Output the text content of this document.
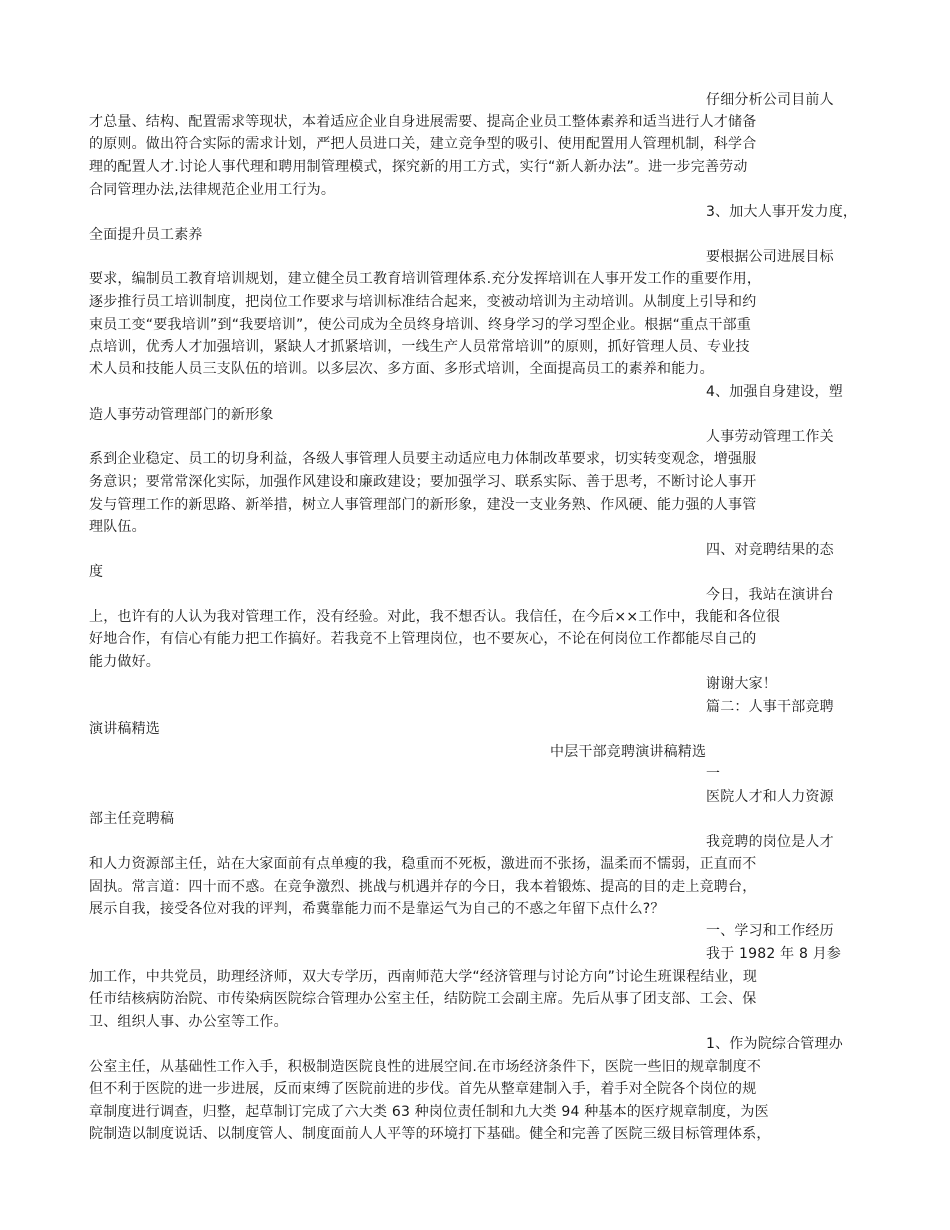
仔细分析公司目前人
才总量、结构、配置需求等现状，本着适应企业自身进展需要、提高企业员工整体素养和适当进行人才储备
的原则。做出符合实际的需求计划，严把人员进口关，建立竞争型的吸引、使用配置用人管理机制，科学合
理的配置人才.讨论人事代理和聘用制管理模式，探究新的用工方式，实行“新人新办法”。进一步完善劳动
合同管理办法,法律规范企业用工行为。
3、加大人事开发力度，
全面提升员工素养
要根据公司进展目标
要求，编制员工教育培训规划，建立健全员工教育培训管理体系.充分发挥培训在人事开发工作的重要作用，
逐步推行员工培训制度，把岗位工作要求与培训标准结合起来，变被动培训为主动培训。从制度上引导和约
束员工变“要我培训”到“我要培训”，使公司成为全员终身培训、终身学习的学习型企业。根据“重点干部重
点培训，优秀人才加强培训，紧缺人才抓紧培训，一线生产人员常常培训”的原则，抓好管理人员、专业技
术人员和技能人员三支队伍的培训。以多层次、多方面、多形式培训，全面提高员工的素养和能力。
4、加强自身建设，塑
造人事劳动管理部门的新形象
人事劳动管理工作关
系到企业稳定、员工的切身利益，各级人事管理人员要主动适应电力体制改革要求，切实转变观念，增强服
务意识；要常常深化实际，加强作风建设和廉政建设；要加强学习、联系实际、善于思考，不断讨论人事开
发与管理工作的新思路、新举措，树立人事管理部门的新形象，建没一支业务熟、作风硬、能力强的人事管
理队伍。
四、对竞聘结果的态
度
今日，我站在演讲台
上，也许有的人认为我对管理工作，没有经验。对此，我不想否认。我信任，在今后××工作中，我能和各位很
好地合作，有信心有能力把工作搞好。若我竞不上管理岗位，也不要灰心，不论在何岗位工作都能尽自己的
能力做好。
谢谢大家！
篇二：人事干部竞聘
演讲稿精选
中层干部竞聘演讲稿精选
一
医院人才和人力资源
部主任竞聘稿
我竞聘的岗位是人才
和人力资源部主任，站在大家面前有点单瘦的我，稳重而不死板，激进而不张扬，温柔而不懦弱，正直而不
固执。常言道：四十而不惑。在竞争激烈、挑战与机遇并存的今日，我本着锻炼、提高的目的走上竞聘台，
展示自我，接受各位对我的评判，希冀靠能力而不是靠运气为自己的不惑之年留下点什么?？
一、学习和工作经历
我于 1982 年 8 月参
加工作，中共党员，助理经济师，双大专学历，西南师范大学“经济管理与讨论方向”讨论生班课程结业，现
任市结核病防治院、市传染病医院综合管理办公室主任，结防院工会副主席。先后从事了团支部、工会、保
卫、组织人事、办公室等工作。
1、作为院综合管理办
公室主任，从基础性工作入手，积极制造医院良性的进展空间.在市场经济条件下，医院一些旧的规章制度不
但不利于医院的进一步进展，反而束缚了医院前进的步伐。首先从整章建制入手，着手对全院各个岗位的规
章制度进行调查，归整，起草制订完成了六大类 63 种岗位责任制和九大类 94 种基本的医疗规章制度，为医
院制造以制度说话、以制度管人、制度面前人人平等的环境打下基础。健全和完善了医院三级目标管理体系，
